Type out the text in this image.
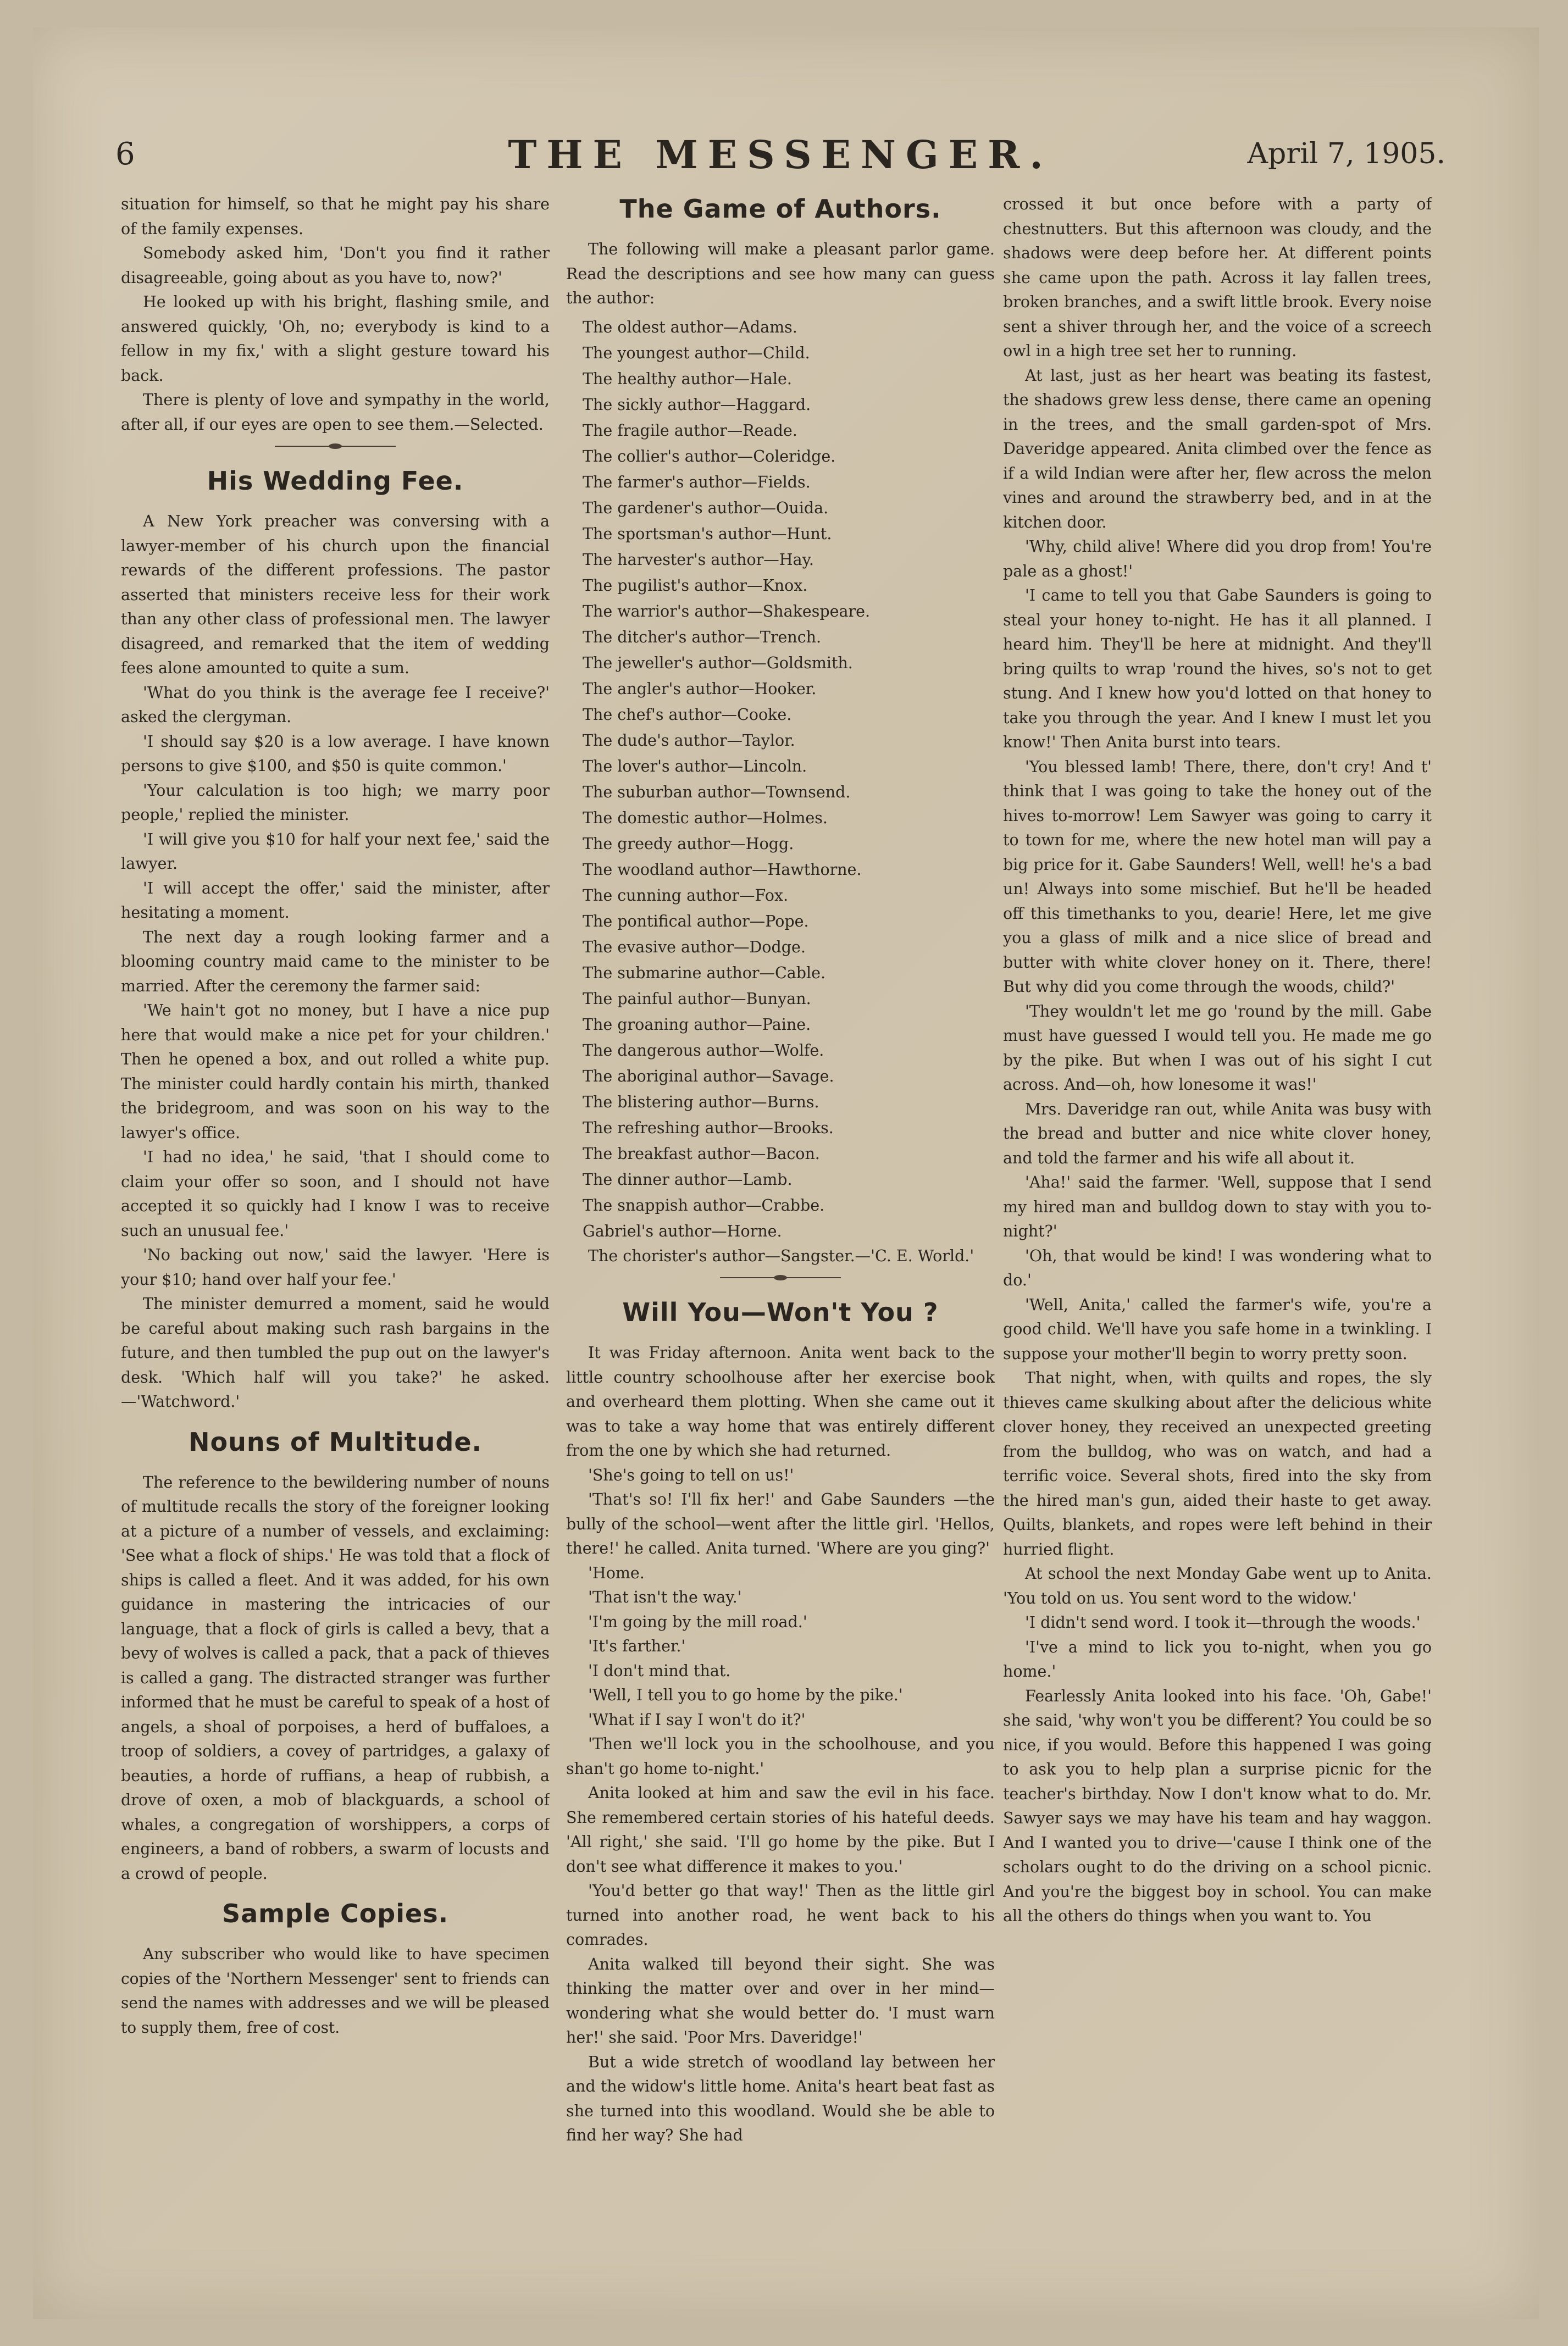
6	THE MESSENGER.	April 7, 1905.

situation for himself, so that he might pay his share of the family expenses.

Somebody asked him, 'Don't you find it rather disagreeable, going about as you have to, now?'

He looked up with his bright, flashing smile, and answered quickly, 'Oh, no; everybody is kind to a fellow in my fix,' with a slight gesture toward his back.

There is plenty of love and sympathy in the world, after all, if our eyes are open to see them.—Selected.

His Wedding Fee.

A New York preacher was conversing with a lawyer-member of his church upon the financial rewards of the different professions. The pastor asserted that ministers receive less for their work than any other class of professional men. The lawyer disagreed, and remarked that the item of wedding fees alone amounted to quite a sum.

'What do you think is the average fee I receive?' asked the clergyman.

'I should say $20 is a low average. I have known persons to give $100, and $50 is quite common.'

'Your calculation is too high; we marry poor people,' replied the minister.

'I will give you $10 for half your next fee,' said the lawyer.

'I will accept the offer,' said the minister, after hesitating a moment.

The next day a rough looking farmer and a blooming country maid came to the minister to be married. After the ceremony the farmer said:

'We hain't got no money, but I have a nice pup here that would make a nice pet for your children.' Then he opened a box, and out rolled a white pup. The minister could hardly contain his mirth, thanked the bridegroom, and was soon on his way to the lawyer's office.

'I had no idea,' he said, 'that I should come to claim your offer so soon, and I should not have accepted it so quickly had I know I was to receive such an unusual fee.'

'No backing out now,' said the lawyer. 'Here is your $10; hand over half your fee.'

The minister demurred a moment, said he would be careful about making such rash bargains in the future, and then tumbled the pup out on the lawyer's desk. 'Which half will you take?' he asked.—'Watchword.'

Nouns of Multitude.

The reference to the bewildering number of nouns of multitude recalls the story of the foreigner looking at a picture of a number of vessels, and exclaiming: 'See what a flock of ships.' He was told that a flock of ships is called a fleet. And it was added, for his own guidance in mastering the intricacies of our language, that a flock of girls is called a bevy, that a bevy of wolves is called a pack, that a pack of thieves is called a gang. The distracted stranger was further informed that he must be careful to speak of a host of angels, a shoal of porpoises, a herd of buffaloes, a troop of soldiers, a covey of partridges, a galaxy of beauties, a horde of ruffians, a heap of rubbish, a drove of oxen, a mob of blackguards, a school of whales, a congregation of worshippers, a corps of engineers, a band of robbers, a swarm of locusts and a crowd of people.

Sample Copies.

Any subscriber who would like to have specimen copies of the 'Northern Messenger' sent to friends can send the names with addresses and we will be pleased to supply them, free of cost.

The Game of Authors.

The following will make a pleasant parlor game. Read the descriptions and see how many can guess the author:

The oldest author—Adams.
The youngest author—Child.
The healthy author—Hale.
The sickly author—Haggard.
The fragile author—Reade.
The collier's author—Coleridge.
The farmer's author—Fields.
The gardener's author—Ouida.
The sportsman's author—Hunt.
The harvester's author—Hay.
The pugilist's author—Knox.
The warrior's author—Shakespeare.
The ditcher's author—Trench.
The jeweller's author—Goldsmith.
The angler's author—Hooker.
The chef's author—Cooke.
The dude's author—Taylor.
The lover's author—Lincoln.
The suburban author—Townsend.
The domestic author—Holmes.
The greedy author—Hogg.
The woodland author—Hawthorne.
The cunning author—Fox.
The pontifical author—Pope.
The evasive author—Dodge.
The submarine author—Cable.
The painful author—Bunyan.
The groaning author—Paine.
The dangerous author—Wolfe.
The aboriginal author—Savage.
The blistering author—Burns.
The refreshing author—Brooks.
The breakfast author—Bacon.
The dinner author—Lamb.
The snappish author—Crabbe.
Gabriel's author—Horne.

The chorister's author—Sangster.—'C. E. World.'

Will You—Won't You ?

It was Friday afternoon. Anita went back to the little country schoolhouse after her exercise book and overheard them plotting. When she came out it was to take a way home that was entirely different from the one by which she had returned.

'She's going to tell on us!'

'That's so! I'll fix her!' and Gabe Saunders —the bully of the school—went after the little girl. 'Hellos, there!' he called. Anita turned. 'Where are you ging?'

'Home.

'That isn't the way.'

'I'm going by the mill road.'

'It's farther.'

'I don't mind that.

'Well, I tell you to go home by the pike.'

'What if I say I won't do it?'

'Then we'll lock you in the schoolhouse, and you shan't go home to-night.'

Anita looked at him and saw the evil in his face. She remembered certain stories of his hateful deeds. 'All right,' she said. 'I'll go home by the pike. But I don't see what difference it makes to you.'

'You'd better go that way!' Then as the little girl turned into another road, he went back to his comrades.

Anita walked till beyond their sight. She was thinking the matter over and over in her mind—wondering what she would better do. 'I must warn her!' she said. 'Poor Mrs. Daveridge!'

But a wide stretch of woodland lay between her and the widow's little home. Anita's heart beat fast as she turned into this woodland. Would she be able to find her way? She had

crossed it but once before with a party of chestnutters. But this afternoon was cloudy, and the shadows were deep before her. At different points she came upon the path. Across it lay fallen trees, broken branches, and a swift little brook. Every noise sent a shiver through her, and the voice of a screech owl in a high tree set her to running.

At last, just as her heart was beating its fastest, the shadows grew less dense, there came an opening in the trees, and the small garden-spot of Mrs. Daveridge appeared. Anita climbed over the fence as if a wild Indian were after her, flew across the melon vines and around the strawberry bed, and in at the kitchen door.

'Why, child alive! Where did you drop from! You're pale as a ghost!'

'I came to tell you that Gabe Saunders is going to steal your honey to-night. He has it all planned. I heard him. They'll be here at midnight. And they'll bring quilts to wrap 'round the hives, so's not to get stung. And I knew how you'd lotted on that honey to take you through the year. And I knew I must let you know!' Then Anita burst into tears.

'You blessed lamb! There, there, don't cry! And t' think that I was going to take the honey out of the hives to-morrow! Lem Sawyer was going to carry it to town for me, where the new hotel man will pay a big price for it. Gabe Saunders! Well, well! he's a bad un! Always into some mischief. But he'll be headed off this timethanks to you, dearie! Here, let me give you a glass of milk and a nice slice of bread and butter with white clover honey on it. There, there! But why did you come through the woods, child?'

'They wouldn't let me go 'round by the mill. Gabe must have guessed I would tell you. He made me go by the pike. But when I was out of his sight I cut across. And—oh, how lonesome it was!'

Mrs. Daveridge ran out, while Anita was busy with the bread and butter and nice white clover honey, and told the farmer and his wife all about it.

'Aha!' said the farmer. 'Well, suppose that I send my hired man and bulldog down to stay with you to-night?'

'Oh, that would be kind! I was wondering what to do.'

'Well, Anita,' called the farmer's wife, you're a good child. We'll have you safe home in a twinkling. I suppose your mother'll begin to worry pretty soon.

That night, when, with quilts and ropes, the sly thieves came skulking about after the delicious white clover honey, they received an unexpected greeting from the bulldog, who was on watch, and had a terrific voice. Several shots, fired into the sky from the hired man's gun, aided their haste to get away. Quilts, blankets, and ropes were left behind in their hurried flight.

At school the next Monday Gabe went up to Anita. 'You told on us. You sent word to the widow.'

'I didn't send word. I took it—through the woods.'

'I've a mind to lick you to-night, when you go home.'

Fearlessly Anita looked into his face. 'Oh, Gabe!' she said, 'why won't you be different? You could be so nice, if you would. Before this happened I was going to ask you to help plan a surprise picnic for the teacher's birthday. Now I don't know what to do. Mr. Sawyer says we may have his team and hay waggon. And I wanted you to drive—'cause I think one of the scholars ought to do the driving on a school picnic. And you're the biggest boy in school. You can make all the others do things when you want to. You
